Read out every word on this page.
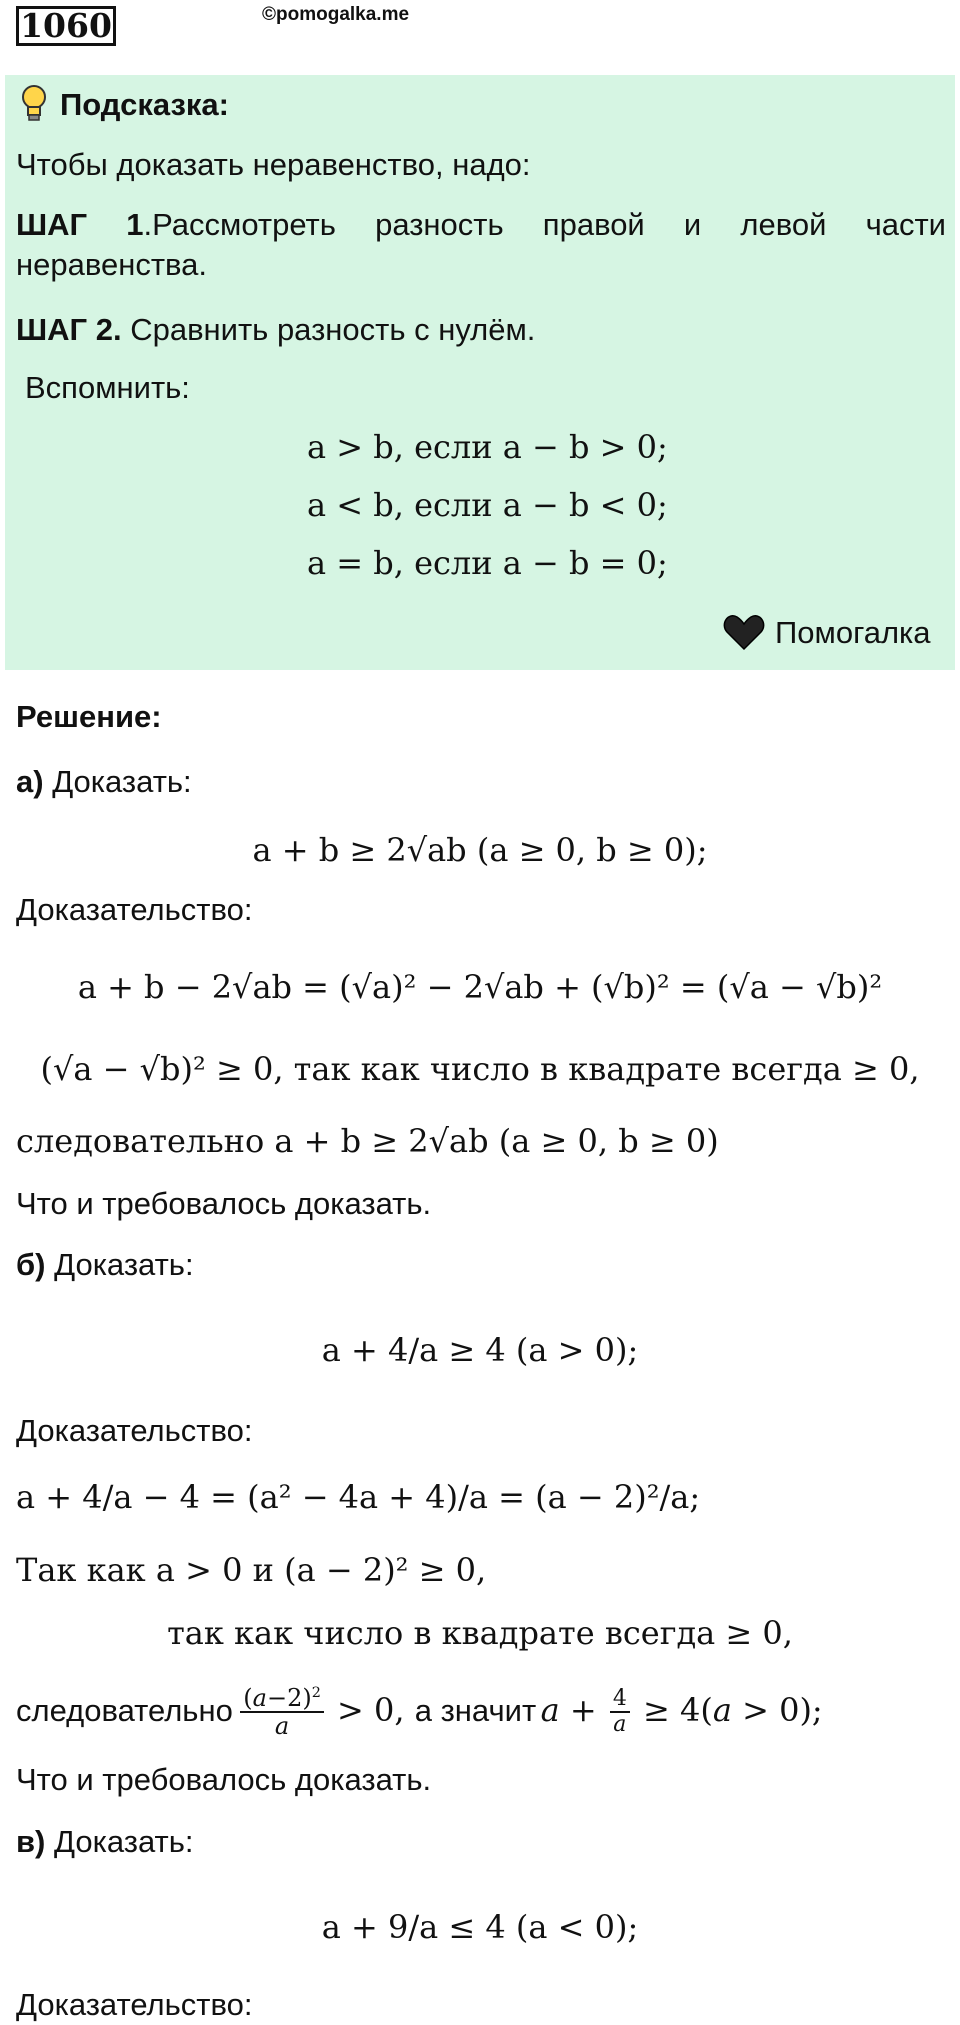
1060	©pomogalka.me
Подсказка:
Чтобы доказать неравенство, надо:
ШАГ 1.Рассмотреть разность правой и левой части неравенства.
ШАГ 2. Сравнить разность с нулём.
Вспомнить:
a > b, если a − b > 0;
a < b, если a − b < 0;
a = b, если a − b = 0;
Помогалка
Решение:
а) Доказать:
a + b ≥ 2√ab (a ≥ 0, b ≥ 0);
Доказательство:
a + b − 2√ab = (√a)² − 2√ab + (√b)² = (√a − √b)²
(√a − √b)² ≥ 0, так как число в квадрате всегда ≥ 0,
следовательно a + b ≥ 2√ab (a ≥ 0, b ≥ 0)
Что и требовалось доказать.
б) Доказать:
a + 4/a ≥ 4 (a > 0);
Доказательство:
a + 4/a − 4 = (a² − 4a + 4)/a = (a − 2)²/a;
Так как a > 0 и (a − 2)² ≥ 0,
так как число в квадрате всегда ≥ 0,
следовательно $\frac{(a-2)^2}{a} > 0$, а значит $a + \frac{4}{a} \ge 4(a > 0)$;
Что и требовалось доказать.
в) Доказать:
a + 9/a ≤ 4 (a < 0);
Доказательство:
